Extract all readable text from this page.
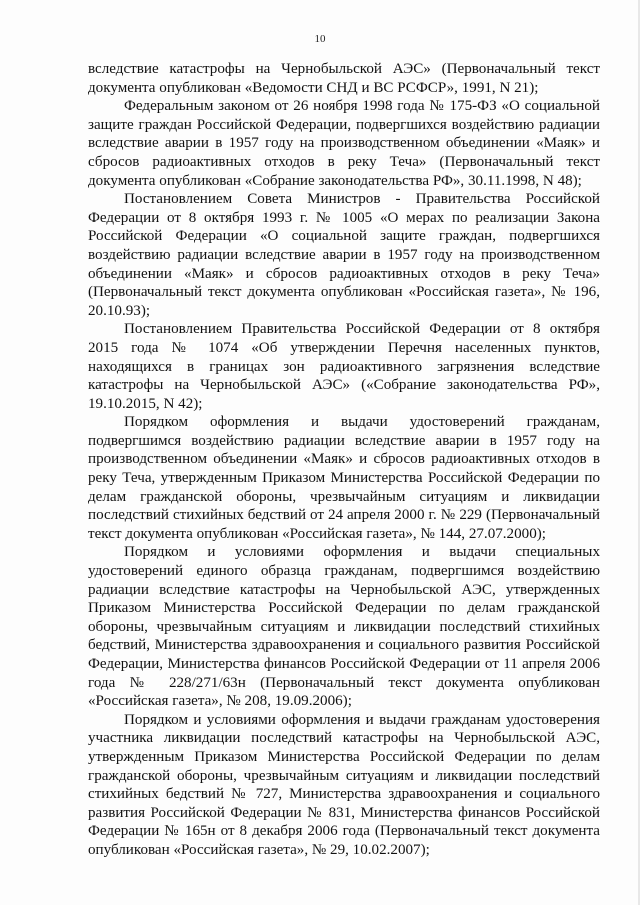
10

вследствие катастрофы на Чернобыльской АЭС» (Первоначальный текст документа опубликован «Ведомости СНД и ВС РСФСР», 1991, N 21);

Федеральным законом от 26 ноября 1998 года № 175-ФЗ «О социальной защите граждан Российской Федерации, подвергшихся воздействию радиации вследствие аварии в 1957 году на производственном объединении «Маяк» и сбросов радиоактивных отходов в реку Теча» (Первоначальный текст документа опубликован «Собрание законодательства РФ», 30.11.1998, N 48);

Постановлением Совета Министров - Правительства Российской Федерации от 8 октября 1993 г. № 1005 «О мерах по реализации Закона Российской Федерации «О социальной защите граждан, подвергшихся воздействию радиации вследствие аварии в 1957 году на производственном объединении «Маяк» и сбросов радиоактивных отходов в реку Теча» (Первоначальный текст документа опубликован «Российская газета», № 196, 20.10.93);

Постановлением Правительства Российской Федерации от 8 октября 2015 года № 1074 «Об утверждении Перечня населенных пунктов, находящихся в границах зон радиоактивного загрязнения вследствие катастрофы на Чернобыльской АЭС» («Собрание законодательства РФ», 19.10.2015, N 42);

Порядком оформления и выдачи удостоверений гражданам, подвергшимся воздействию радиации вследствие аварии в 1957 году на производственном объединении «Маяк» и сбросов радиоактивных отходов в реку Теча, утвержденным Приказом Министерства Российской Федерации по делам гражданской обороны, чрезвычайным ситуациям и ликвидации последствий стихийных бедствий от 24 апреля 2000 г. № 229 (Первоначальный текст документа опубликован «Российская газета», № 144, 27.07.2000);

Порядком и условиями оформления и выдачи специальных удостоверений единого образца гражданам, подвергшимся воздействию радиации вследствие катастрофы на Чернобыльской АЭС, утвержденных Приказом Министерства Российской Федерации по делам гражданской обороны, чрезвычайным ситуациям и ликвидации последствий стихийных бедствий, Министерства здравоохранения и социального развития Российской Федерации, Министерства финансов Российской Федерации от 11 апреля 2006 года № 228/271/63н (Первоначальный текст документа опубликован «Российская газета», № 208, 19.09.2006);

Порядком и условиями оформления и выдачи гражданам удостоверения участника ликвидации последствий катастрофы на Чернобыльской АЭС, утвержденным Приказом Министерства Российской Федерации по делам гражданской обороны, чрезвычайным ситуациям и ликвидации последствий стихийных бедствий № 727, Министерства здравоохранения и социального развития Российской Федерации № 831, Министерства финансов Российской Федерации № 165н от 8 декабря 2006 года (Первоначальный текст документа опубликован «Российская газета», № 29, 10.02.2007);
